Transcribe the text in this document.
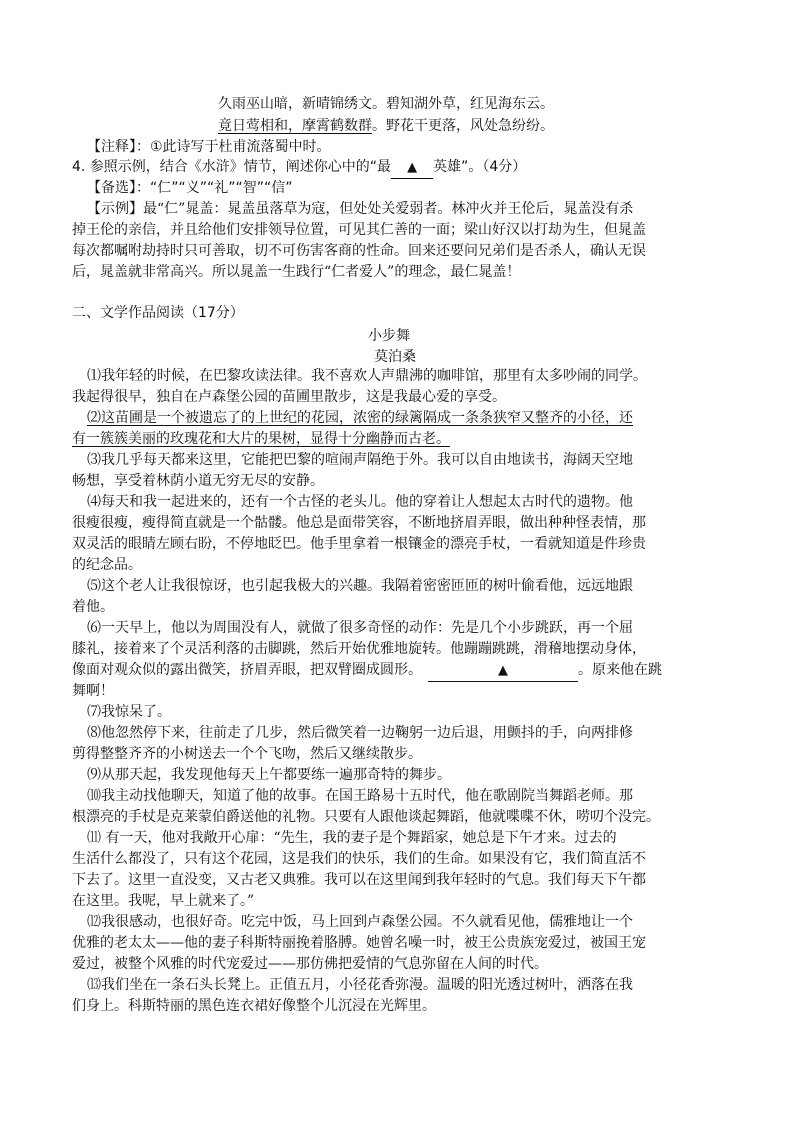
久雨巫山暗，新晴锦绣文。碧知湖外草，红见海东云。
竟日莺相和，摩霄鹤数群。野花干更落，风处急纷纷。
【注释】：①此诗写于杜甫流落蜀中时。
4. 参照示例，结合《水浒》情节，阐述你心中的“最 ▲ 英雄”。（4分）
【备选】：“仁”“义”“礼”“智”“信”
【示例】最“仁”晁盖：晁盖虽落草为寇，但处处关爱弱者。林冲火并王伦后，晁盖没有杀
掉王伦的亲信，并且给他们安排领导位置，可见其仁善的一面；梁山好汉以打劫为生，但晁盖
每次都嘱咐劫持时只可善取，切不可伤害客商的性命。回来还要问兄弟们是否杀人，确认无误
后，晁盖就非常高兴。所以晁盖一生践行“仁者爱人”的理念，最仁晁盖！
二、文学作品阅读（17分）
小步舞
莫泊桑
⑴我年轻的时候，在巴黎攻读法律。我不喜欢人声鼎沸的咖啡馆，那里有太多吵闹的同学。
我起得很早，独自在卢森堡公园的苗圃里散步，这是我最心爱的享受。
⑵这苗圃是一个被遗忘了的上世纪的花园，浓密的绿篱隔成一条条狭窄又整齐的小径，还
有一簇簇美丽的玫瑰花和大片的果树，显得十分幽静而古老。
⑶我几乎每天都来这里，它能把巴黎的喧闹声隔绝于外。我可以自由地读书，海阔天空地
畅想，享受着林荫小道无穷无尽的安静。
⑷每天和我一起进来的，还有一个古怪的老头儿。他的穿着让人想起太古时代的遗物。他
很瘦很瘦，瘦得简直就是一个骷髅。他总是面带笑容，不断地挤眉弄眼，做出种种怪表情，那
双灵活的眼睛左顾右盼，不停地眨巴。他手里拿着一根镶金的漂亮手杖，一看就知道是件珍贵
的纪念品。
⑸这个老人让我很惊讶，也引起我极大的兴趣。我隔着密密匝匝的树叶偷看他，远远地跟
着他。
⑹一天早上，他以为周围没有人，就做了很多奇怪的动作：先是几个小步跳跃，再一个屈
膝礼，接着来了个灵活利落的击脚跳，然后开始优雅地旋转。他蹦蹦跳跳，滑稽地摆动身体，
像面对观众似的露出微笑，挤眉弄眼，把双臂圈成圆形。	▲	。原来他在跳
舞啊！
⑺我惊呆了。
⑻他忽然停下来，往前走了几步，然后微笑着一边鞠躬一边后退，用颤抖的手，向两排修
剪得整整齐齐的小树送去一个个飞吻，然后又继续散步。
⑼从那天起，我发现他每天上午都要练一遍那奇特的舞步。
⑽我主动找他聊天，知道了他的故事。在国王路易十五时代，他在歌剧院当舞蹈老师。那
根漂亮的手杖是克莱蒙伯爵送他的礼物。只要有人跟他谈起舞蹈，他就喋喋不休，唠叨个没完。
⑾ 有一天，他对我敞开心扉：“先生，我的妻子是个舞蹈家，她总是下午才来。过去的
生活什么都没了，只有这个花园，这是我们的快乐，我们的生命。如果没有它，我们简直活不
下去了。这里一直没变，又古老又典雅。我可以在这里闻到我年轻时的气息。我们每天下午都
在这里。我呢，早上就来了。”
⑿我很感动，也很好奇。吃完中饭，马上回到卢森堡公园。不久就看见他，儒雅地让一个
优雅的老太太——他的妻子科斯特丽挽着胳膊。她曾名噪一时，被王公贵族宠爱过，被国王宠
爱过，被整个风雅的时代宠爱过——那仿佛把爱情的气息弥留在人间的时代。
⒀我们坐在一条石头长凳上。正值五月，小径花香弥漫。温暖的阳光透过树叶，洒落在我
们身上。科斯特丽的黑色连衣裙好像整个儿沉浸在光辉里。
